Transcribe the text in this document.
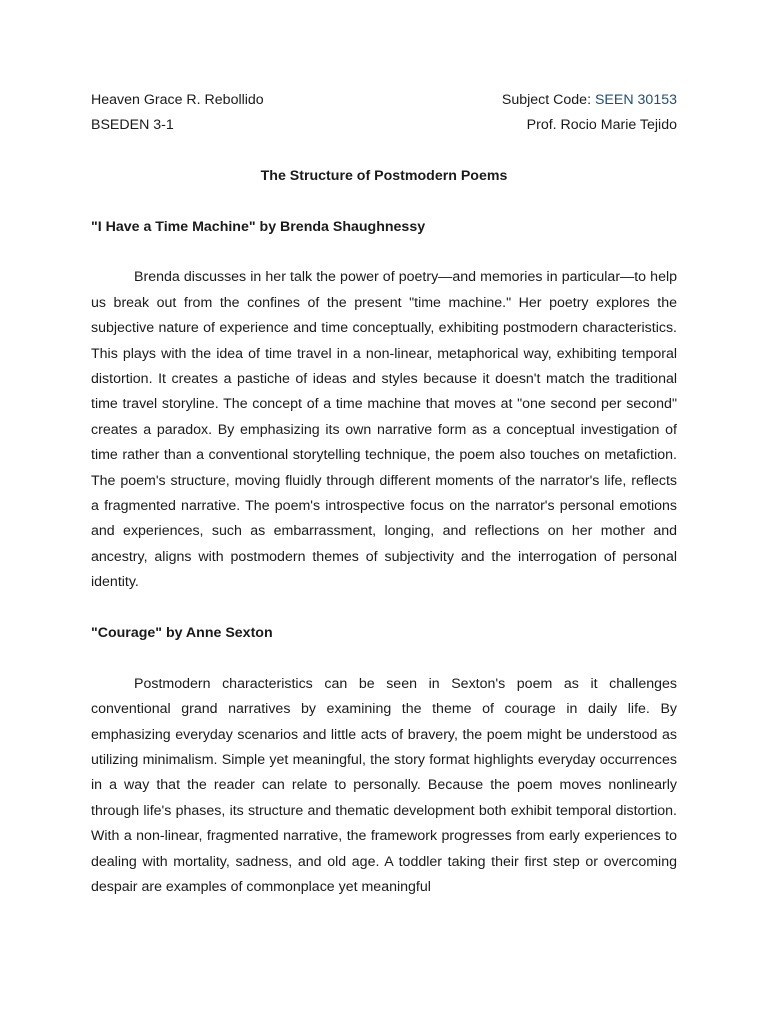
Heaven Grace R. Rebollido	Subject Code: SEEN 30153
BSEDEN 3-1	Prof. Rocio Marie Tejido
The Structure of Postmodern Poems
"I Have a Time Machine" by Brenda Shaughnessy

Brenda discusses in her talk the power of poetry—and memories in particular—to help us break out from the confines of the present "time machine." Her poetry explores the subjective nature of experience and time conceptually, exhibiting postmodern characteristics. This plays with the idea of time travel in a non-linear, metaphorical way, exhibiting temporal distortion. It creates a pastiche of ideas and styles because it doesn't match the traditional time travel storyline. The concept of a time machine that moves at "one second per second" creates a paradox. By emphasizing its own narrative form as a conceptual investigation of time rather than a conventional storytelling technique, the poem also touches on metafiction. The poem's structure, moving fluidly through different moments of the narrator's life, reflects a fragmented narrative. The poem's introspective focus on the narrator's personal emotions and experiences, such as embarrassment, longing, and reflections on her mother and ancestry, aligns with postmodern themes of subjectivity and the interrogation of personal identity.

"Courage" by Anne Sexton

Postmodern characteristics can be seen in Sexton's poem as it challenges conventional grand narratives by examining the theme of courage in daily life. By emphasizing everyday scenarios and little acts of bravery, the poem might be understood as utilizing minimalism. Simple yet meaningful, the story format highlights everyday occurrences in a way that the reader can relate to personally. Because the poem moves nonlinearly through life's phases, its structure and thematic development both exhibit temporal distortion. With a non-linear, fragmented narrative, the framework progresses from early experiences to dealing with mortality, sadness, and old age. A toddler taking their first step or overcoming despair are examples of commonplace yet meaningful
